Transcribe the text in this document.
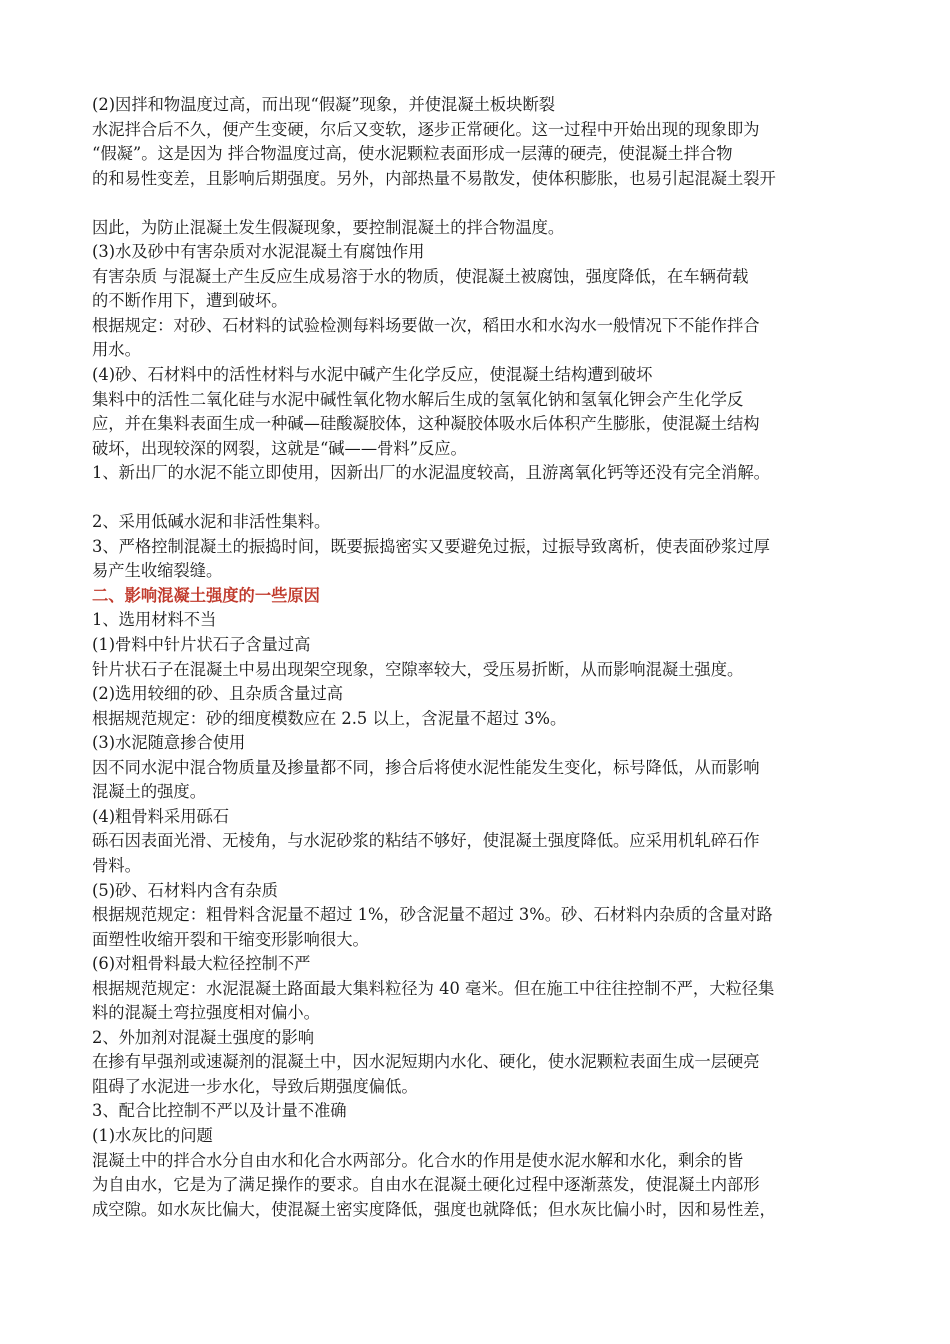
(2)因拌和物温度过高，而出现“假凝”现象，并使混凝土板块断裂

水泥拌合后不久，便产生变硬，尔后又变软，逐步正常硬化。这一过程中开始出现的现象即为

“假凝”。这是因为 拌合物温度过高，使水泥颗粒表面形成一层薄的硬壳，使混凝土拌合物

的和易性变差，且影响后期强度。另外，内部热量不易散发，使体积膨胀，也易引起混凝土裂开

因此，为防止混凝土发生假凝现象，要控制混凝土的拌合物温度。

(3)水及砂中有害杂质对水泥混凝土有腐蚀作用

有害杂质 与混凝土产生反应生成易溶于水的物质，使混凝土被腐蚀，强度降低，在车辆荷载

的不断作用下，遭到破坏。

根据规定：对砂、石材料的试验检测每料场要做一次，稻田水和水沟水一般情况下不能作拌合

用水。

(4)砂、石材料中的活性材料与水泥中碱产生化学反应，使混凝土结构遭到破坏

集料中的活性二氧化硅与水泥中碱性氧化物水解后生成的氢氧化钠和氢氧化钾会产生化学反

应，并在集料表面生成一种碱—硅酸凝胶体，这种凝胶体吸水后体积产生膨胀，使混凝土结构

破坏，出现较深的网裂，这就是“碱——骨料”反应。

1、新出厂的水泥不能立即使用，因新出厂的水泥温度较高，且游离氧化钙等还没有完全消解。

2、采用低碱水泥和非活性集料。

3、严格控制混凝土的振捣时间，既要振捣密实又要避免过振，过振导致离析，使表面砂浆过厚

易产生收缩裂缝。

二、影响混凝土强度的一些原因

1、选用材料不当

(1)骨料中针片状石子含量过高

针片状石子在混凝土中易出现架空现象，空隙率较大，受压易折断，从而影响混凝土强度。

(2)选用较细的砂、且杂质含量过高

根据规范规定：砂的细度模数应在 2.5 以上，含泥量不超过 3%。

(3)水泥随意掺合使用

因不同水泥中混合物质量及掺量都不同，掺合后将使水泥性能发生变化，标号降低，从而影响

混凝土的强度。

(4)粗骨料采用砾石

砾石因表面光滑、无棱角，与水泥砂浆的粘结不够好，使混凝土强度降低。应采用机轧碎石作

骨料。

(5)砂、石材料内含有杂质

根据规范规定：粗骨料含泥量不超过 1%，砂含泥量不超过 3%。砂、石材料内杂质的含量对路

面塑性收缩开裂和干缩变形影响很大。

(6)对粗骨料最大粒径控制不严

根据规范规定：水泥混凝土路面最大集料粒径为 40 毫米。但在施工中往往控制不严，大粒径集

料的混凝土弯拉强度相对偏小。

2、外加剂对混凝土强度的影响

在掺有早强剂或速凝剂的混凝土中，因水泥短期内水化、硬化，使水泥颗粒表面生成一层硬亮

阻碍了水泥进一步水化，导致后期强度偏低。

3、配合比控制不严以及计量不准确

(1)水灰比的问题

混凝土中的拌合水分自由水和化合水两部分。化合水的作用是使水泥水解和水化，剩余的皆

为自由水，它是为了满足操作的要求。自由水在混凝土硬化过程中逐渐蒸发，使混凝土内部形

成空隙。如水灰比偏大，使混凝土密实度降低，强度也就降低；但水灰比偏小时，因和易性差，
